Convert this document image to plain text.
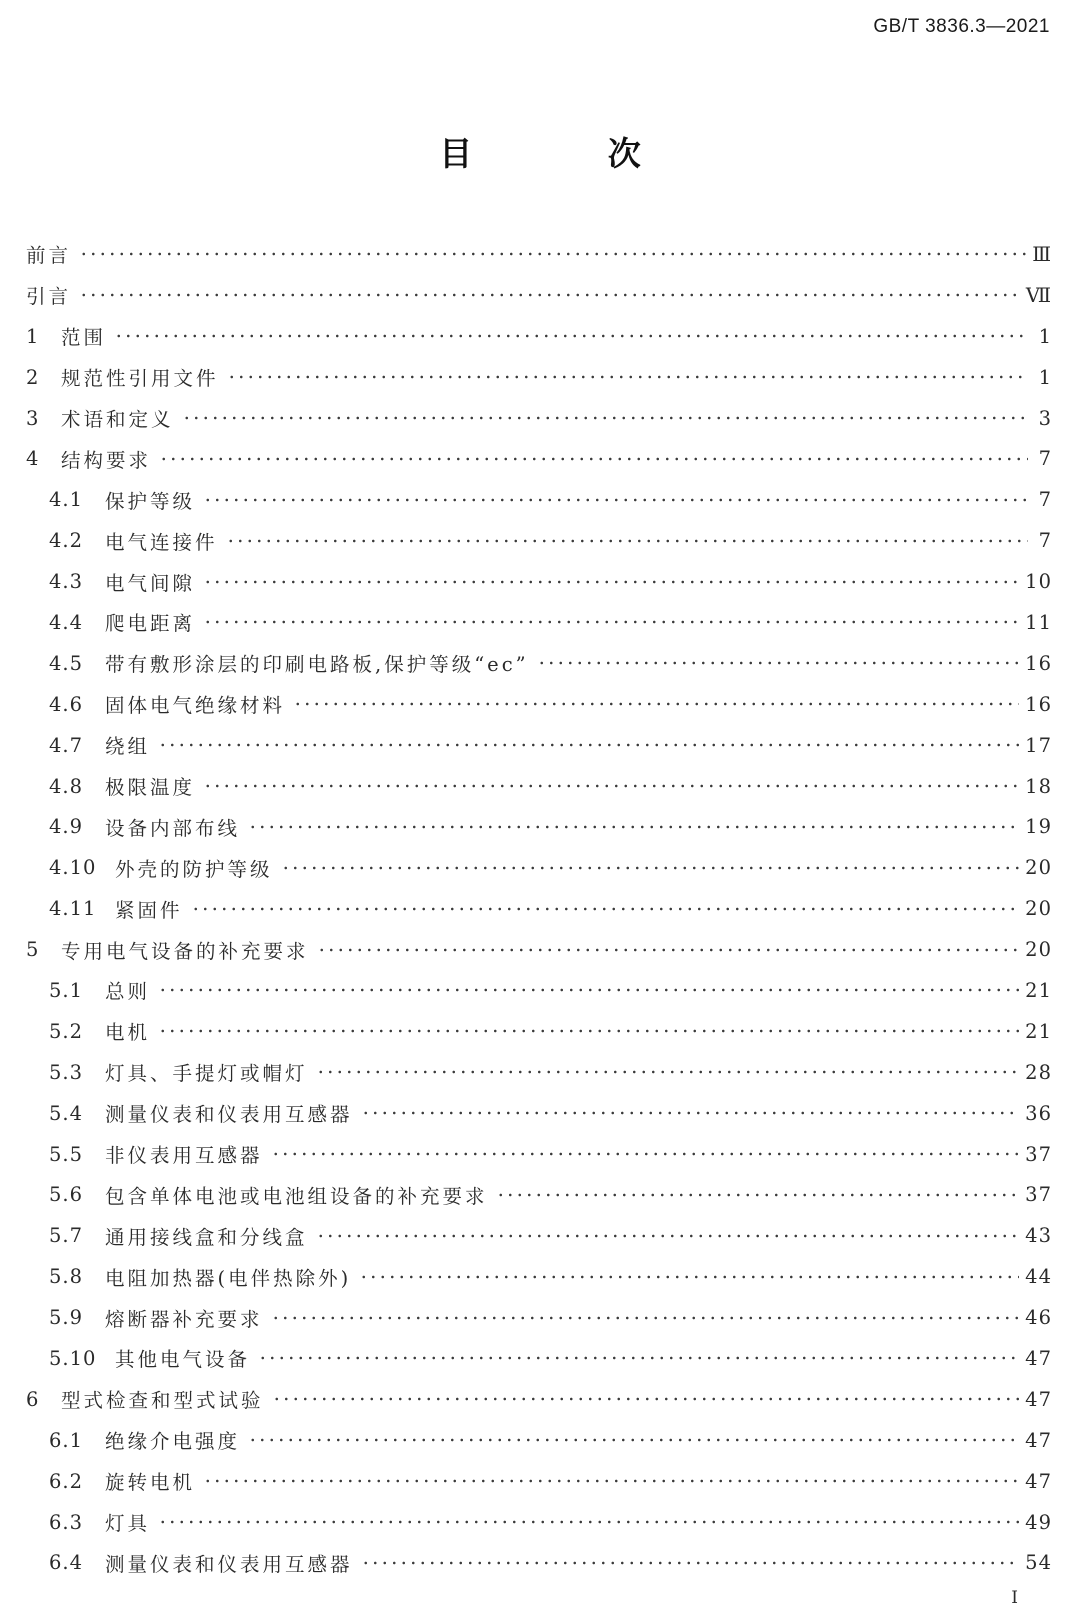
GB/T 3836.3—2021
目 次
前言	Ⅲ
引言	Ⅶ
1	范围	1
2	规范性引用文件	1
3	术语和定义	3
4	结构要求	7
4.1	保护等级	7
4.2	电气连接件	7
4.3	电气间隙	10
4.4	爬电距离	11
4.5	带有敷形涂层的印刷电路板,保护等级“ec”	16
4.6	固体电气绝缘材料	16
4.7	绕组	17
4.8	极限温度	18
4.9	设备内部布线	19
4.10 外壳的防护等级	20
4.11 紧固件	20
5	专用电气设备的补充要求	20
5.1	总则	21
5.2	电机	21
5.3	灯具、手提灯或帽灯	28
5.4	测量仪表和仪表用互感器	36
5.5	非仪表用互感器	37
5.6	包含单体电池或电池组设备的补充要求	37
5.7	通用接线盒和分线盒	43
5.8	电阻加热器(电伴热除外)	44
5.9	熔断器补充要求	46
5.10 其他电气设备	47
6	型式检查和型式试验	47
6.1	绝缘介电强度	47
6.2	旋转电机	47
6.3	灯具	49
6.4	测量仪表和仪表用互感器	54
Ⅰ
